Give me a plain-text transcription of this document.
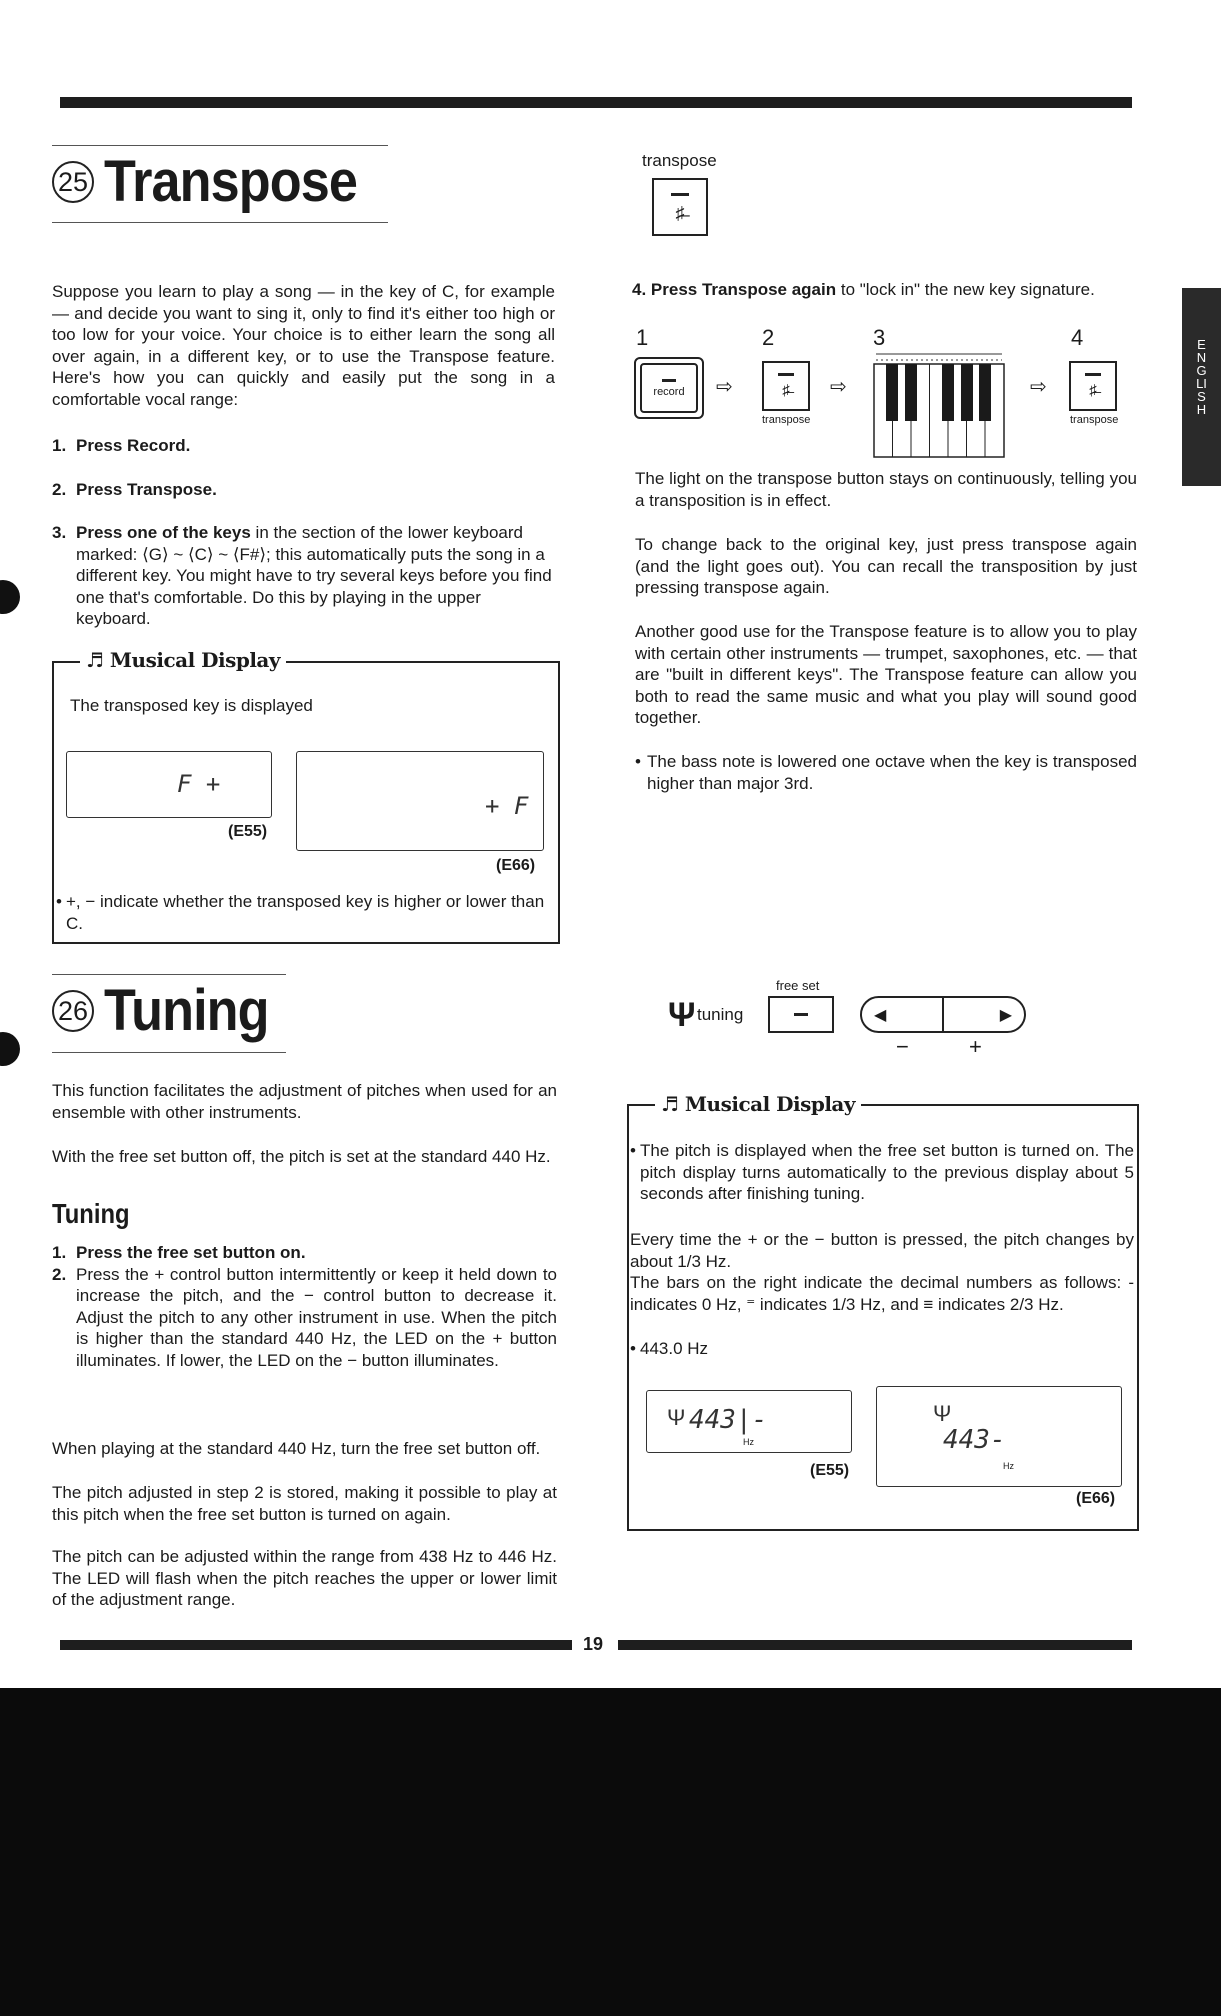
ENGLISH
25 Transpose

Suppose you learn to play a song — in the key of C, for example — and decide you want to sing it, only to find it's either too high or too low for your voice. Your choice is to either learn the song all over again, in a different key, or to use the Transpose feature. Here's how you can quickly and easily put the song in a comfortable vocal range:

1. Press Record.
2. Press Transpose.
3. Press one of the keys in the section of the lower keyboard marked: ⟨G⟩ ~ ⟨C⟩ ~ ⟨F#⟩; this automatically puts the song in a different key. You might have to try several keys before you find one that's comfortable. Do this by playing in the upper keyboard.
♬ Musical Display
The transposed key is displayed
F +
(E55)
+ F
(E66)
• +, − indicate whether the transposed key is higher or lower than C.
transpose
♯̶
4. Press Transpose again to "lock in" the new key signature.
1	2	3	4
record ⇨	♯̶
transpose
⇨	⇨	♯̶
transpose

The light on the transpose button stays on continuously, telling you a transposition is in effect.

To change back to the original key, just press transpose again (and the light goes out). You can recall the transposition by just pressing transpose again.

Another good use for the Transpose feature is to allow you to play with certain other instruments — trumpet, saxophones, etc. — that are "built in different keys". The Transpose feature can allow you both to read the same music and what you play will sound good together.

• The bass note is lowered one octave when the key is transposed higher than major 3rd.
26 Tuning

This function facilitates the adjustment of pitches when used for an ensemble with other instruments.

With the free set button off, the pitch is set at the standard 440 Hz.

Tuning
1. Press the free set button on.
2. Press the + control button intermittently or keep it held down to increase the pitch, and the − control button to decrease it. Adjust the pitch to any other instrument in use. When the pitch is higher than the standard 440 Hz, the LED on the + button illuminates. If lower, the LED on the − button illuminates.

When playing at the standard 440 Hz, turn the free set button off.

The pitch adjusted in step 2 is stored, making it possible to play at this pitch when the free set button is turned on again.

The pitch can be adjusted within the range from 438 Hz to 446 Hz. The LED will flash when the pitch reaches the upper or lower limit of the adjustment range.

Ψ tuning
free set
◀	▶
−	+
♬ Musical Display
• The pitch is displayed when the free set button is turned on. The pitch display turns automatically to the previous display about 5 seconds after finishing tuning.

Every time the + or the − button is pressed, the pitch changes by about 1/3 Hz.

The bars on the right indicate the decimal numbers as follows: - indicates 0 Hz, ⁼ indicates 1/3 Hz, and ≡ indicates 2/3 Hz.

• 443.0 Hz
Ψ 443|-
Hz
(E55)
Ψ
443-
Hz
(E66)
19
